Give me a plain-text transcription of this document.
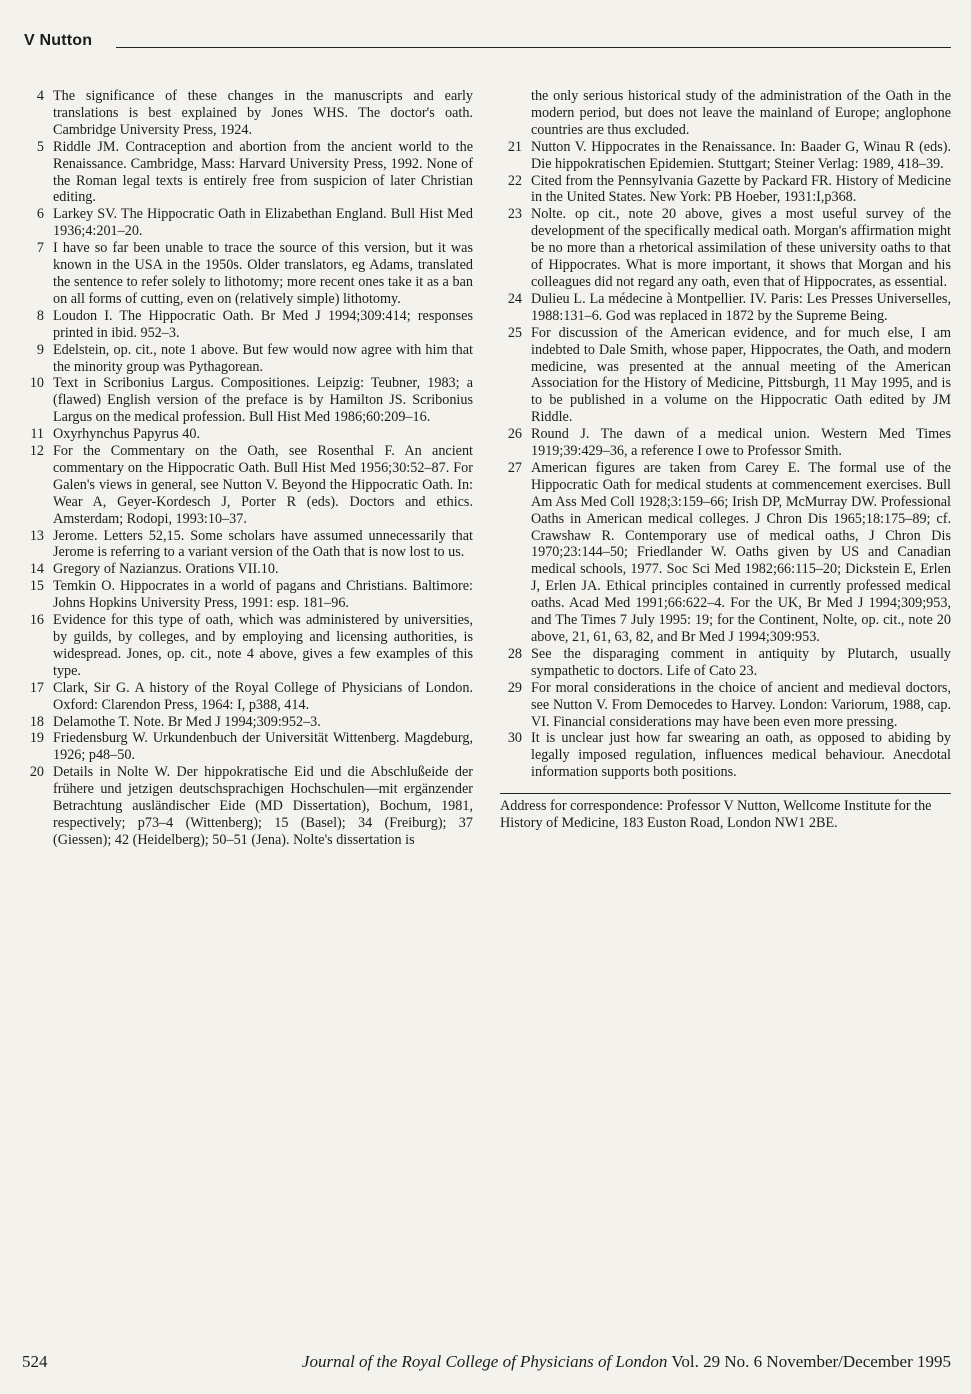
V Nutton
4 The significance of these changes in the manuscripts and early translations is best explained by Jones WHS. The doctor's oath. Cambridge University Press, 1924.
5 Riddle JM. Contraception and abortion from the ancient world to the Renaissance. Cambridge, Mass: Harvard University Press, 1992. None of the Roman legal texts is entirely free from suspicion of later Christian editing.
6 Larkey SV. The Hippocratic Oath in Elizabethan England. Bull Hist Med 1936;4:201–20.
7 I have so far been unable to trace the source of this version, but it was known in the USA in the 1950s. Older translators, eg Adams, translated the sentence to refer solely to lithotomy; more recent ones take it as a ban on all forms of cutting, even on (relatively simple) lithotomy.
8 Loudon I. The Hippocratic Oath. Br Med J 1994;309:414; responses printed in ibid. 952–3.
9 Edelstein, op. cit., note 1 above. But few would now agree with him that the minority group was Pythagorean.
10 Text in Scribonius Largus. Compositiones. Leipzig: Teubner, 1983; a (flawed) English version of the preface is by Hamilton JS. Scribonius Largus on the medical profession. Bull Hist Med 1986;60:209–16.
11 Oxyrhynchus Papyrus 40.
12 For the Commentary on the Oath, see Rosenthal F. An ancient commentary on the Hippocratic Oath. Bull Hist Med 1956;30:52–87. For Galen's views in general, see Nutton V. Beyond the Hippocratic Oath. In: Wear A, Geyer-Kordesch J, Porter R (eds). Doctors and ethics. Amsterdam; Rodopi, 1993:10–37.
13 Jerome. Letters 52,15. Some scholars have assumed unnecessarily that Jerome is referring to a variant version of the Oath that is now lost to us.
14 Gregory of Nazianzus. Orations VII.10.
15 Temkin O. Hippocrates in a world of pagans and Christians. Baltimore: Johns Hopkins University Press, 1991: esp. 181–96.
16 Evidence for this type of oath, which was administered by universities, by guilds, by colleges, and by employing and licensing authorities, is widespread. Jones, op. cit., note 4 above, gives a few examples of this type.
17 Clark, Sir G. A history of the Royal College of Physicians of London. Oxford: Clarendon Press, 1964: I, p388, 414.
18 Delamothe T. Note. Br Med J 1994;309:952–3.
19 Friedensburg W. Urkundenbuch der Universität Wittenberg. Magdeburg, 1926; p48–50.
20 Details in Nolte W. Der hippokratische Eid und die Abschlußeide der frühere und jetzigen deutschsprachigen Hochschulen—mit ergänzender Betrachtung ausländischer Eide (MD Dissertation), Bochum, 1981, respectively; p73–4 (Wittenberg); 15 (Basel); 34 (Freiburg); 37 (Giessen); 42 (Heidelberg); 50–51 (Jena). Nolte's dissertation is
the only serious historical study of the administration of the Oath in the modern period, but does not leave the mainland of Europe; anglophone countries are thus excluded.
21 Nutton V. Hippocrates in the Renaissance. In: Baader G, Winau R (eds). Die hippokratischen Epidemien. Stuttgart; Steiner Verlag: 1989, 418–39.
22 Cited from the Pennsylvania Gazette by Packard FR. History of Medicine in the United States. New York: PB Hoeber, 1931:I,p368.
23 Nolte. op cit., note 20 above, gives a most useful survey of the development of the specifically medical oath. Morgan's affirmation might be no more than a rhetorical assimilation of these university oaths to that of Hippocrates. What is more important, it shows that Morgan and his colleagues did not regard any oath, even that of Hippocrates, as essential.
24 Dulieu L. La médecine à Montpellier. IV. Paris: Les Presses Universelles, 1988:131–6. God was replaced in 1872 by the Supreme Being.
25 For discussion of the American evidence, and for much else, I am indebted to Dale Smith, whose paper, Hippocrates, the Oath, and modern medicine, was presented at the annual meeting of the American Association for the History of Medicine, Pittsburgh, 11 May 1995, and is to be published in a volume on the Hippocratic Oath edited by JM Riddle.
26 Round J. The dawn of a medical union. Western Med Times 1919;39:429–36, a reference I owe to Professor Smith.
27 American figures are taken from Carey E. The formal use of the Hippocratic Oath for medical students at commencement exercises. Bull Am Ass Med Coll 1928;3:159–66; Irish DP, McMurray DW. Professional Oaths in American medical colleges. J Chron Dis 1965;18:175–89; cf. Crawshaw R. Contemporary use of medical oaths, J Chron Dis 1970;23:144–50; Friedlander W. Oaths given by US and Canadian medical schools, 1977. Soc Sci Med 1982;66:115–20; Dickstein E, Erlen J, Erlen JA. Ethical principles contained in currently professed medical oaths. Acad Med 1991;66:622–4. For the UK, Br Med J 1994;309;953, and The Times 7 July 1995: 19; for the Continent, Nolte, op. cit., note 20 above, 21, 61, 63, 82, and Br Med J 1994;309:953.
28 See the disparaging comment in antiquity by Plutarch, usually sympathetic to doctors. Life of Cato 23.
29 For moral considerations in the choice of ancient and medieval doctors, see Nutton V. From Democedes to Harvey. London: Variorum, 1988, cap. VI. Financial considerations may have been even more pressing.
30 It is unclear just how far swearing an oath, as opposed to abiding by legally imposed regulation, influences medical behaviour. Anecdotal information supports both positions.
Address for correspondence: Professor V Nutton, Wellcome Institute for the History of Medicine, 183 Euston Road, London NW1 2BE.
524	Journal of the Royal College of Physicians of London Vol. 29 No. 6 November/December 1995
